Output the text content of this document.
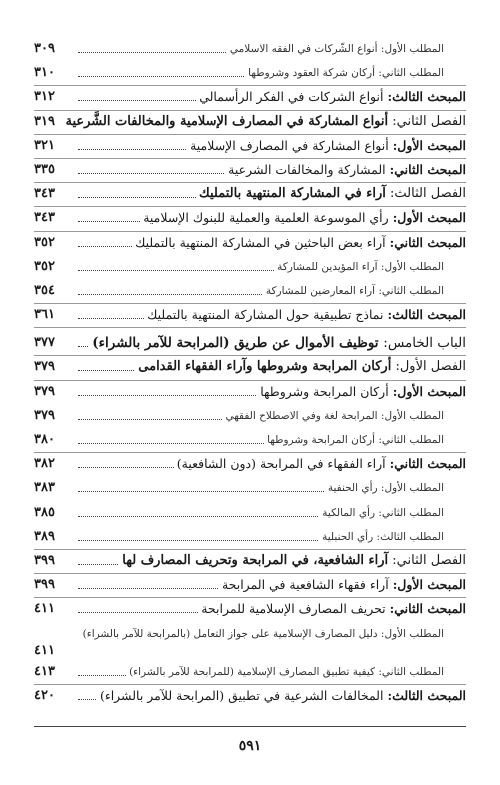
المطلب الأول: أنواع الشّركات في الفقه الاسلامي
٣٠٩
المطلب الثاني: أركان شركة العقود وشروطها
٣١٠
المبحث الثالث: أنواع الشركات في الفكر الرأسمالي
٣١٢
الفصل الثاني: أنواع المشاركة في المصارف الإسلامية والمخالفات الشَّرعية
٣١٩
المبحث الأول: أنواع المشاركة في المصارف الإسلامية
٣٢١
المبحث الثاني: المشاركة والمخالفات الشرعية
٣٣٥
الفصل الثالث: آراء في المشاركة المنتهية بالتمليك
٣٤٣
المبحث الأول: رأي الموسوعة العلمية والعملية للبنوك الإسلامية
٣٤٣
المبحث الثاني: آراء بعض الباحثين في المشاركة المنتهية بالتمليك
٣٥٢
المطلب الأول: آراء المؤيدين للمشاركة
٣٥٢
المطلب الثاني: آراء المعارضين للمشاركة
٣٥٤
المبحث الثالث: نماذج تطبيقية حول المشاركة المنتهية بالتمليك
٣٦١
الباب الخامس: توظيف الأموال عن طريق (المرابحة للآمر بالشراء)
٣٧٧
الفصل الأول: أركان المرابحة وشروطها وآراء الفقهاء القدامى
٣٧٩
المبحث الأول: أركان المرابحة وشروطها
٣٧٩
المطلب الأول: المرابحة لغة وفي الاصطلاح الفقهي
٣٧٩
المطلب الثاني: أركان المرابحة وشروطها
٣٨٠
المبحث الثاني: آراء الفقهاء في المرابحة (دون الشافعية)
٣٨٢
المطلب الأول: رأي الحنفية
٣٨٣
المطلب الثاني: رأي المالكية
٣٨٥
المطلب الثالث: رأي الحنبلية
٣٨٩
الفصل الثاني: آراء الشافعية، في المرابحة وتحريف المصارف لها
٣٩٩
المبحث الأول: آراء فقهاء الشافعية في المرابحة
٣٩٩
المبحث الثاني: تحريف المصارف الإسلامية للمرابحة
٤١١
المطلب الأول: دليل المصارف الإسلامية على جواز التعامل (بالمرابحة للآمر بالشراء)
٤١١
المطلب الثاني: كيفية تطبيق المصارف الإسلامية (للمرابحة للآمر بالشراء)
٤١٣
المبحث الثالث: المخالفات الشرعية في تطبيق (المرابحة للآمر بالشراء)
٤٢٠
٥٩١
